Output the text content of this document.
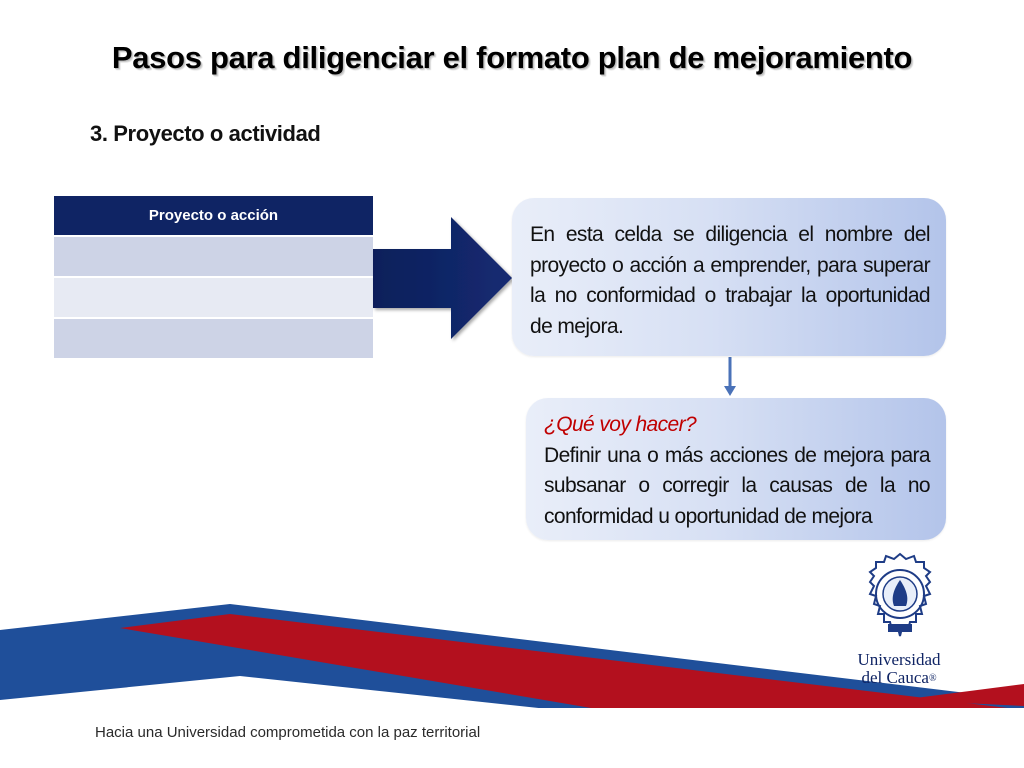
Pasos para diligenciar el formato plan de mejoramiento
3. Proyecto o actividad
Proyecto o acción
En esta celda se diligencia el nombre del proyecto o acción a emprender, para superar la no conformidad o trabajar la oportunidad de mejora.
¿Qué voy hacer?
Definir una o más acciones de mejora para subsanar o corregir la causas de la no conformidad u oportunidad de mejora
Universidad
del Cauca®
Hacia una Universidad comprometida con la paz territorial
